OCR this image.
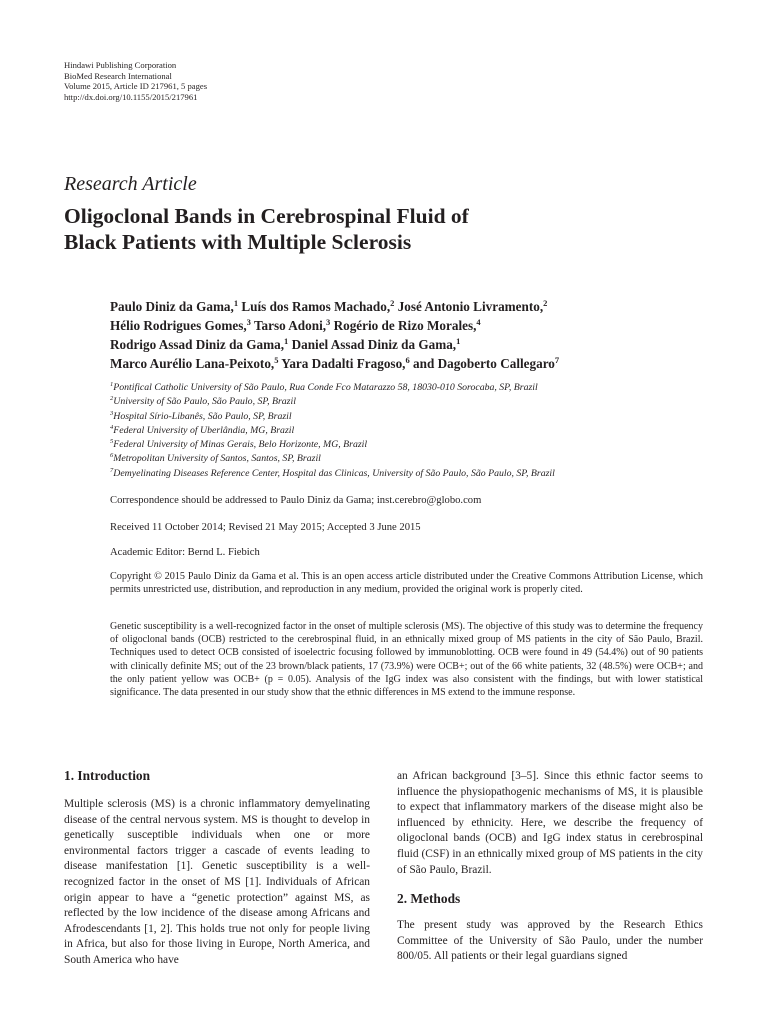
Hindawi Publishing Corporation
BioMed Research International
Volume 2015, Article ID 217961, 5 pages
http://dx.doi.org/10.1155/2015/217961
Research Article
Oligoclonal Bands in Cerebrospinal Fluid of
Black Patients with Multiple Sclerosis
Paulo Diniz da Gama,$^1$ Luís dos Ramos Machado,$^2$ José Antonio Livramento,$^2$
Hélio Rodrigues Gomes,$^3$ Tarso Adoni,$^3$ Rogério de Rizo Morales,$^4$
Rodrigo Assad Diniz da Gama,$^1$ Daniel Assad Diniz da Gama,$^1$
Marco Aurélio Lana-Peixoto,$^5$ Yara Dadalti Fragoso,$^6$ and Dagoberto Callegaro$^7$
$^1$Pontifical Catholic University of São Paulo, Rua Conde Fco Matarazzo 58, 18030-010 Sorocaba, SP, Brazil
$^2$University of São Paulo, São Paulo, SP, Brazil
$^3$Hospital Sírio-Libanês, São Paulo, SP, Brazil
$^4$Federal University of Uberlândia, MG, Brazil
$^5$Federal University of Minas Gerais, Belo Horizonte, MG, Brazil
$^6$Metropolitan University of Santos, Santos, SP, Brazil
$^7$Demyelinating Diseases Reference Center, Hospital das Clinicas, University of São Paulo, São Paulo, SP, Brazil
Correspondence should be addressed to Paulo Diniz da Gama; inst.cerebro@globo.com
Received 11 October 2014; Revised 21 May 2015; Accepted 3 June 2015
Academic Editor: Bernd L. Fiebich
Copyright © 2015 Paulo Diniz da Gama et al. This is an open access article distributed under the Creative Commons Attribution License, which permits unrestricted use, distribution, and reproduction in any medium, provided the original work is properly cited.
Genetic susceptibility is a well-recognized factor in the onset of multiple sclerosis (MS). The objective of this study was to determine the frequency of oligoclonal bands (OCB) restricted to the cerebrospinal fluid, in an ethnically mixed group of MS patients in the city of São Paulo, Brazil. Techniques used to detect OCB consisted of isoelectric focusing followed by immunoblotting. OCB were found in 49 (54.4%) out of 90 patients with clinically definite MS; out of the 23 brown/black patients, 17 (73.9%) were OCB+; out of the 66 white patients, 32 (48.5%) were OCB+; and the only patient yellow was OCB+ (p = 0.05). Analysis of the IgG index was also consistent with the findings, but with lower statistical significance. The data presented in our study show that the ethnic differences in MS extend to the immune response.
1. Introduction
Multiple sclerosis (MS) is a chronic inflammatory demyelinating disease of the central nervous system. MS is thought to develop in genetically susceptible individuals when one or more environmental factors trigger a cascade of events leading to disease manifestation [1]. Genetic susceptibility is a well-recognized factor in the onset of MS [1]. Individuals of African origin appear to have a “genetic protection” against MS, as reflected by the low incidence of the disease among Africans and Afrodescendants [1, 2]. This holds true not only for people living in Africa, but also for those living in Europe, North America, and South America who have
an African background [3–5]. Since this ethnic factor seems to influence the physiopathogenic mechanisms of MS, it is plausible to expect that inflammatory markers of the disease might also be influenced by ethnicity. Here, we describe the frequency of oligoclonal bands (OCB) and IgG index status in cerebrospinal fluid (CSF) in an ethnically mixed group of MS patients in the city of São Paulo, Brazil.
2. Methods
The present study was approved by the Research Ethics Committee of the University of São Paulo, under the number 800/05. All patients or their legal guardians signed
